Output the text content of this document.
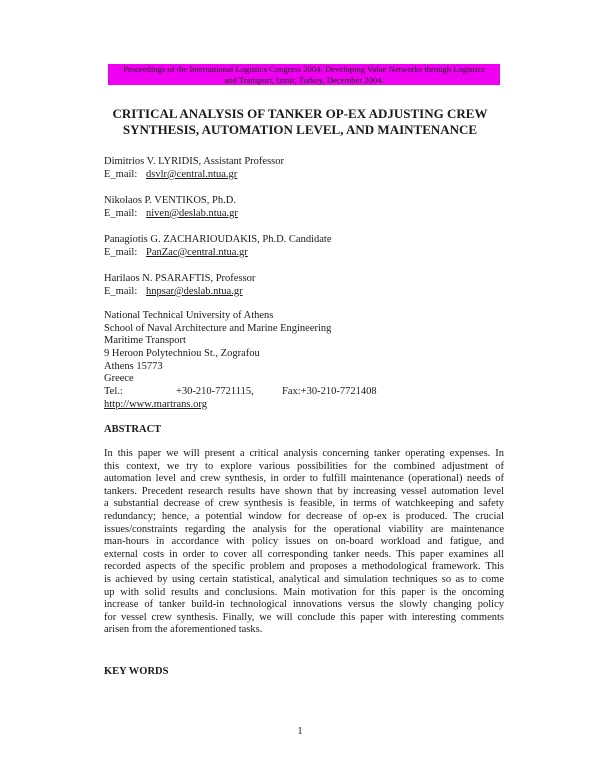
Proceedings of the International Logistics Congress 2004: Developing Value Networks through Logistics
and Transport, Izmir, Turkey, December 2004.
CRITICAL ANALYSIS OF TANKER OP-EX ADJUSTING CREW
SYNTHESIS, AUTOMATION LEVEL, AND MAINTENANCE
Dimitrios V. LYRIDIS, Assistant Professor
E_mail: dsvlr@central.ntua.gr
Nikolaos P. VENTIKOS, Ph.D.
E_mail: niven@deslab.ntua.gr
Panagiotis G. ZACHARIOUDAKIS, Ph.D. Candidate
E_mail: PanZac@central.ntua.gr
Harilaos N. PSARAFTIS, Professor
E_mail: hnpsar@deslab.ntua.gr
National Technical University of Athens
School of Naval Architecture and Marine Engineering
Maritime Transport
9 Heroon Polytechniou St., Zografou
Athens 15773
Greece
Tel.:	+30-210-7721115,	Fax:+30-210-7721408
http://www.martrans.org
ABSTRACT
In this paper we will present a critical analysis concerning tanker operating expenses. In
this context, we try to explore various possibilities for the combined adjustment of
automation level and crew synthesis, in order to fulfill maintenance (operational) needs of
tankers. Precedent research results have shown that by increasing vessel automation level
a substantial decrease of crew synthesis is feasible, in terms of watchkeeping and safety
redundancy; hence, a potential window for decrease of op-ex is produced. The crucial
issues/constraints regarding the analysis for the operational viability are maintenance
man-hours in accordance with policy issues on on-board workload and fatigue, and
external costs in order to cover all corresponding tanker needs. This paper examines all
recorded aspects of the specific problem and proposes a methodological framework. This
is achieved by using certain statistical, analytical and simulation techniques so as to come
up with solid results and conclusions. Main motivation for this paper is the oncoming
increase of tanker build-in technological innovations versus the slowly changing policy
for vessel crew synthesis. Finally, we will conclude this paper with interesting comments
arisen from the aforementioned tasks.
KEY WORDS
1
